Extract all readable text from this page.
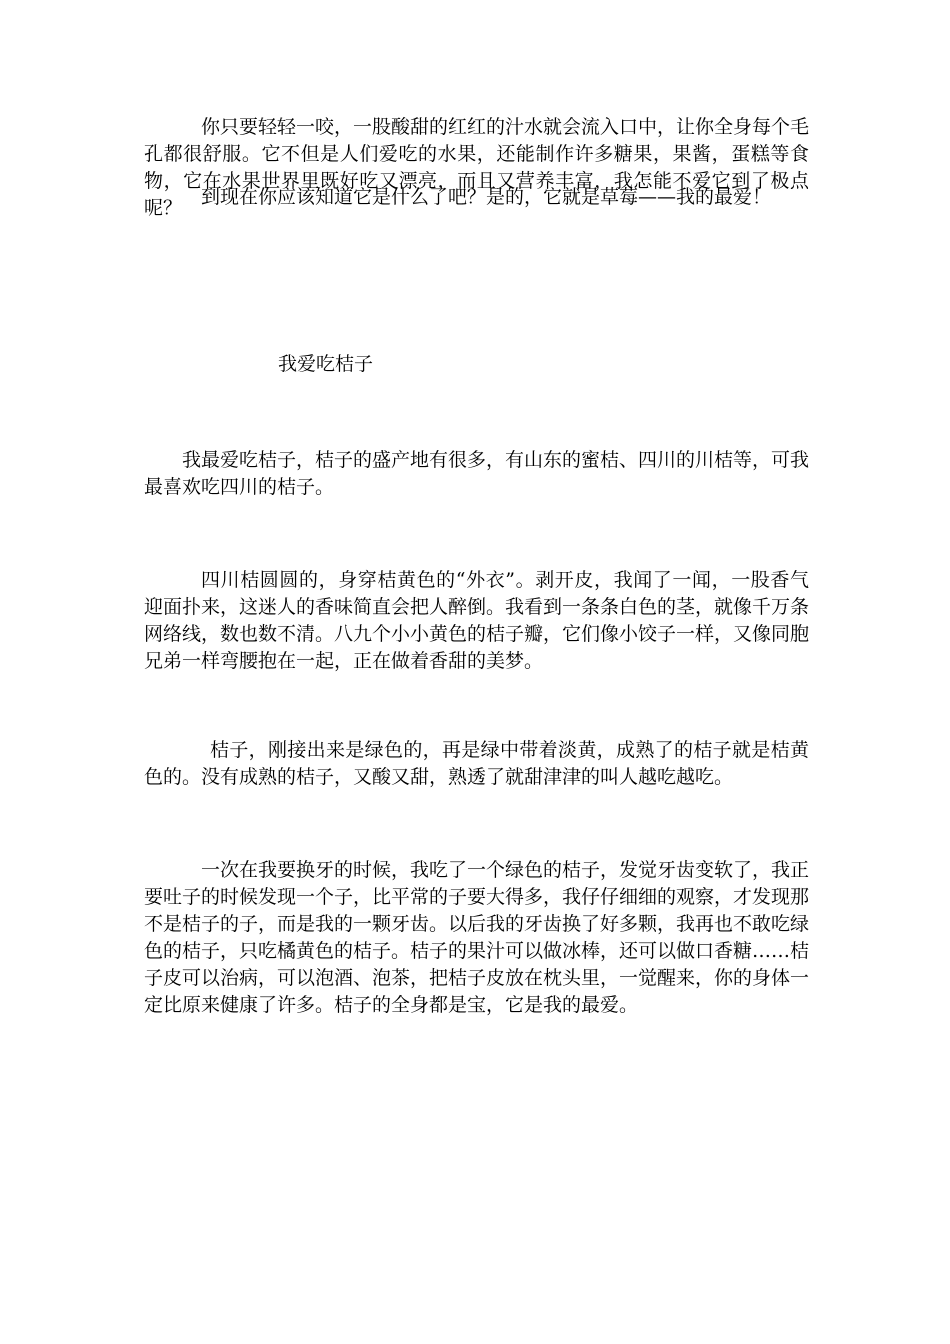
你只要轻轻一咬，一股酸甜的红红的汁水就会流入口中，让你全身每个毛孔都很舒服。它不但是人们爱吃的水果，还能制作许多糖果，果酱，蛋糕等食物，它在水果世界里既好吃又漂亮，而且又营养丰富，我怎能不爱它到了极点呢？ 到现在你应该知道它是什么了吧？是的，它就是草莓——我的最爱！

我爱吃桔子

我最爱吃桔子，桔子的盛产地有很多，有山东的蜜桔、四川的川桔等，可我最喜欢吃四川的桔子。

四川桔圆圆的，身穿桔黄色的“外衣”。剥开皮，我闻了一闻，一股香气迎面扑来，这迷人的香味简直会把人醉倒。我看到一条条白色的茎，就像千万条网络线，数也数不清。八九个小小黄色的桔子瓣，它们像小饺子一样，又像同胞兄弟一样弯腰抱在一起，正在做着香甜的美梦。

桔子，刚接出来是绿色的，再是绿中带着淡黄，成熟了的桔子就是桔黄色的。没有成熟的桔子，又酸又甜，熟透了就甜津津的叫人越吃越吃。

一次在我要换牙的时候，我吃了一个绿色的桔子，发觉牙齿变软了，我正要吐子的时候发现一个子，比平常的子要大得多，我仔仔细细的观察，才发现那不是桔子的子，而是我的一颗牙齿。以后我的牙齿换了好多颗，我再也不敢吃绿色的桔子，只吃橘黄色的桔子。桔子的果汁可以做冰棒，还可以做口香糖……桔子皮可以治病，可以泡酒、泡茶，把桔子皮放在枕头里，一觉醒来，你的身体一定比原来健康了许多。桔子的全身都是宝，它是我的最爱。
